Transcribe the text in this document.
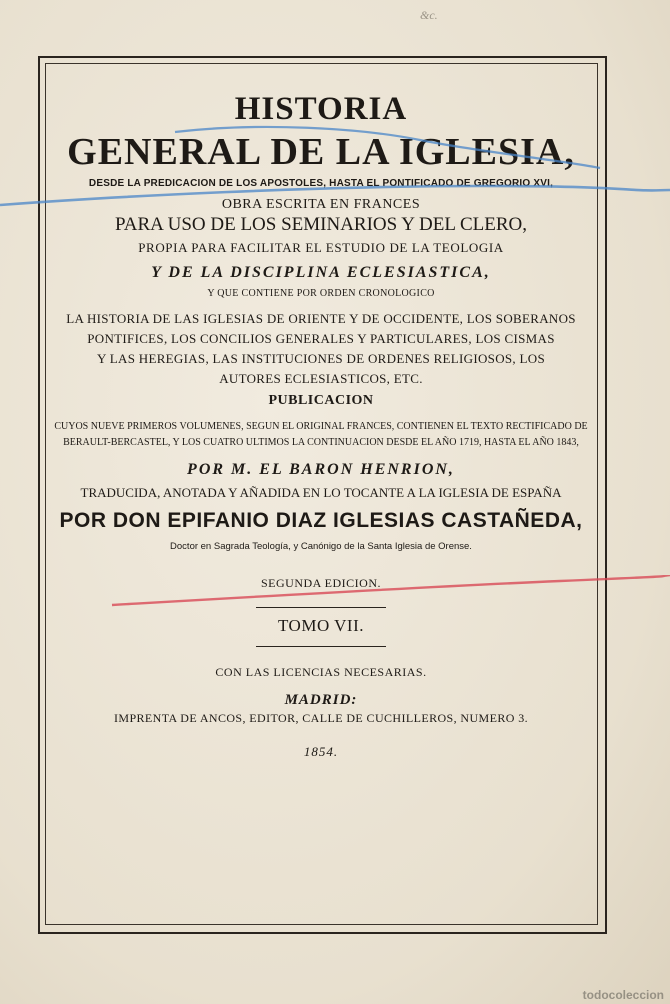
&c.
HISTORIA
GENERAL DE LA IGLESIA,
DESDE LA PREDICACION DE LOS APOSTOLES, HASTA EL PONTIFICADO DE GREGORIO XVI,
OBRA ESCRITA EN FRANCES
PARA USO DE LOS SEMINARIOS Y DEL CLERO,
PROPIA PARA FACILITAR EL ESTUDIO DE LA TEOLOGIA
Y DE LA DISCIPLINA ECLESIASTICA,
Y QUE CONTIENE POR ORDEN CRONOLOGICO
LA HISTORIA DE LAS IGLESIAS DE ORIENTE Y DE OCCIDENTE, LOS SOBERANOS
PONTIFICES, LOS CONCILIOS GENERALES Y PARTICULARES, LOS CISMAS
Y LAS HEREGIAS, LAS INSTITUCIONES DE ORDENES RELIGIOSOS, LOS
AUTORES ECLESIASTICOS, ETC.
PUBLICACION
CUYOS NUEVE PRIMEROS VOLUMENES, SEGUN EL ORIGINAL FRANCES, CONTIENEN EL TEXTO RECTIFICADO DE
BERAULT-BERCASTEL, Y LOS CUATRO ULTIMOS LA CONTINUACION DESDE EL AÑO 1719, HASTA EL AÑO 1843,
POR M. EL BARON HENRION,
TRADUCIDA, ANOTADA Y AÑADIDA EN LO TOCANTE A LA IGLESIA DE ESPAÑA
POR DON EPIFANIO DIAZ IGLESIAS CASTAÑEDA,
Doctor en Sagrada Teología, y Canónigo de la Santa Iglesia de Orense.
SEGUNDA EDICION.
TOMO VII.
CON LAS LICENCIAS NECESARIAS.
MADRID:
IMPRENTA DE ANCOS, EDITOR, CALLE DE CUCHILLEROS, NUMERO 3.
1854.
todocoleccion
